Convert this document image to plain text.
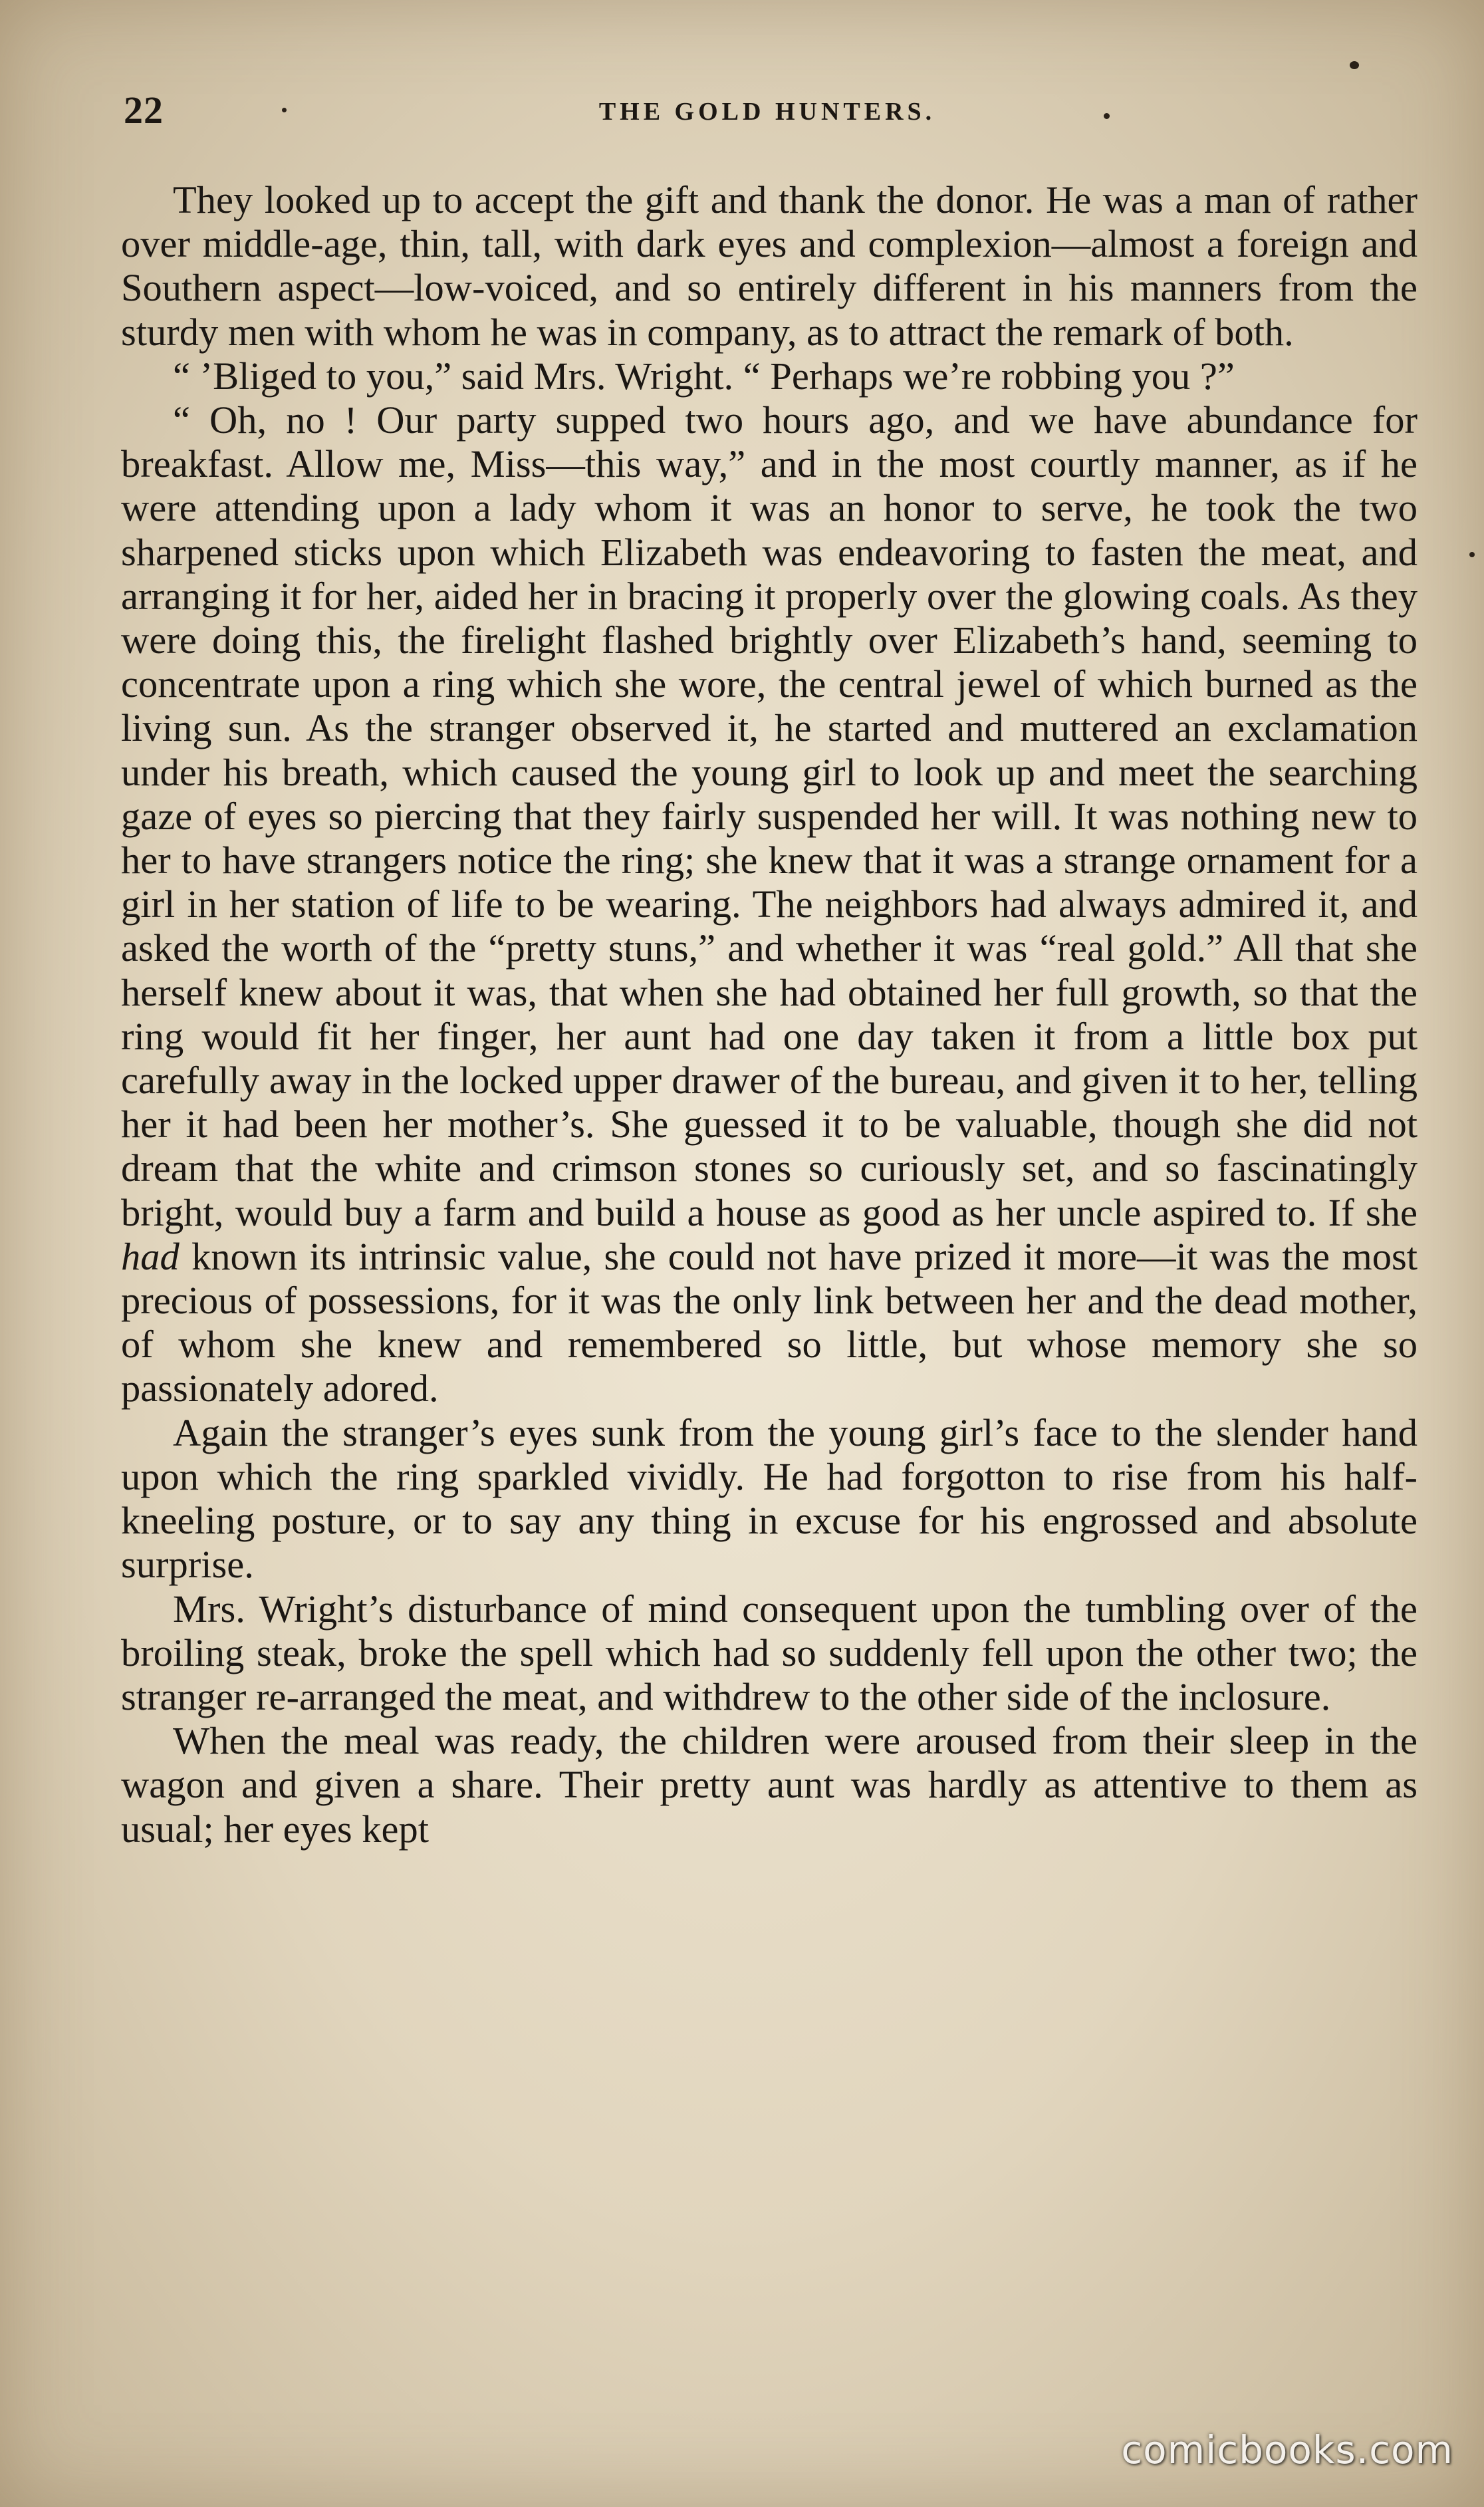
22	THE GOLD HUNTERS.

They looked up to accept the gift and thank the donor. He was a man of rather over middle-age, thin, tall, with dark eyes and complexion—almost a foreign and Southern aspect—low-voiced, and so entirely different in his manners from the sturdy men with whom he was in company, as to attract the remark of both.

“ ’Bliged to you,” said Mrs. Wright. “ Perhaps we’re robbing you ?”

“ Oh, no ! Our party supped two hours ago, and we have abundance for breakfast. Allow me, Miss—this way,” and in the most courtly manner, as if he were attending upon a lady whom it was an honor to serve, he took the two sharpened sticks upon which Elizabeth was endeavoring to fasten the meat, and arranging it for her, aided her in bracing it properly over the glowing coals. As they were doing this, the firelight flashed brightly over Elizabeth’s hand, seeming to concentrate upon a ring which she wore, the central jewel of which burned as the living sun. As the stranger observed it, he started and muttered an exclamation under his breath, which caused the young girl to look up and meet the searching gaze of eyes so piercing that they fairly suspended her will. It was nothing new to her to have strangers notice the ring; she knew that it was a strange ornament for a girl in her station of life to be wearing. The neighbors had always admired it, and asked the worth of the “pretty stuns,” and whether it was “real gold.” All that she herself knew about it was, that when she had obtained her full growth, so that the ring would fit her finger, her aunt had one day taken it from a little box put carefully away in the locked upper drawer of the bureau, and given it to her, telling her it had been her mother’s. She guessed it to be valuable, though she did not dream that the white and crimson stones so curiously set, and so fascinatingly bright, would buy a farm and build a house as good as her uncle aspired to. If she had known its intrinsic value, she could not have prized it more—it was the most precious of possessions, for it was the only link between her and the dead mother, of whom she knew and remembered so little, but whose memory she so passionately adored.

Again the stranger’s eyes sunk from the young girl’s face to the slender hand upon which the ring sparkled vividly. He had forgotton to rise from his half-kneeling posture, or to say any thing in excuse for his engrossed and absolute surprise.

Mrs. Wright’s disturbance of mind consequent upon the tumbling over of the broiling steak, broke the spell which had so suddenly fell upon the other two; the stranger re-arranged the meat, and withdrew to the other side of the inclosure.

When the meal was ready, the children were aroused from their sleep in the wagon and given a share. Their pretty aunt was hardly as attentive to them as usual; her eyes kept

comicbooks.com
